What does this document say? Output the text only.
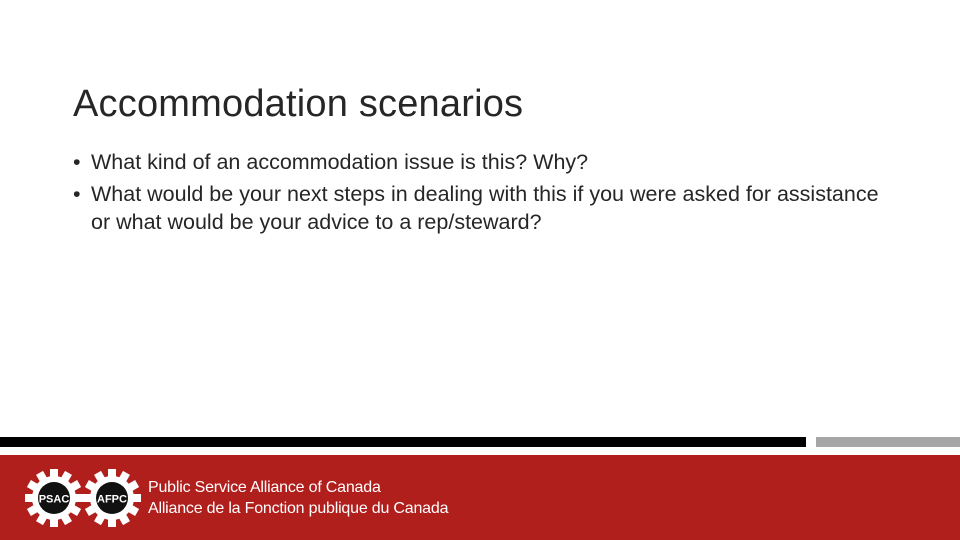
Accommodation scenarios
• What kind of an accommodation issue is this? Why?
• What would be your next steps in dealing with this if you were asked for assistance or what would be your advice to a rep/steward?
PSAC	AFPC
Public Service Alliance of Canada
Alliance de la Fonction publique du Canada
